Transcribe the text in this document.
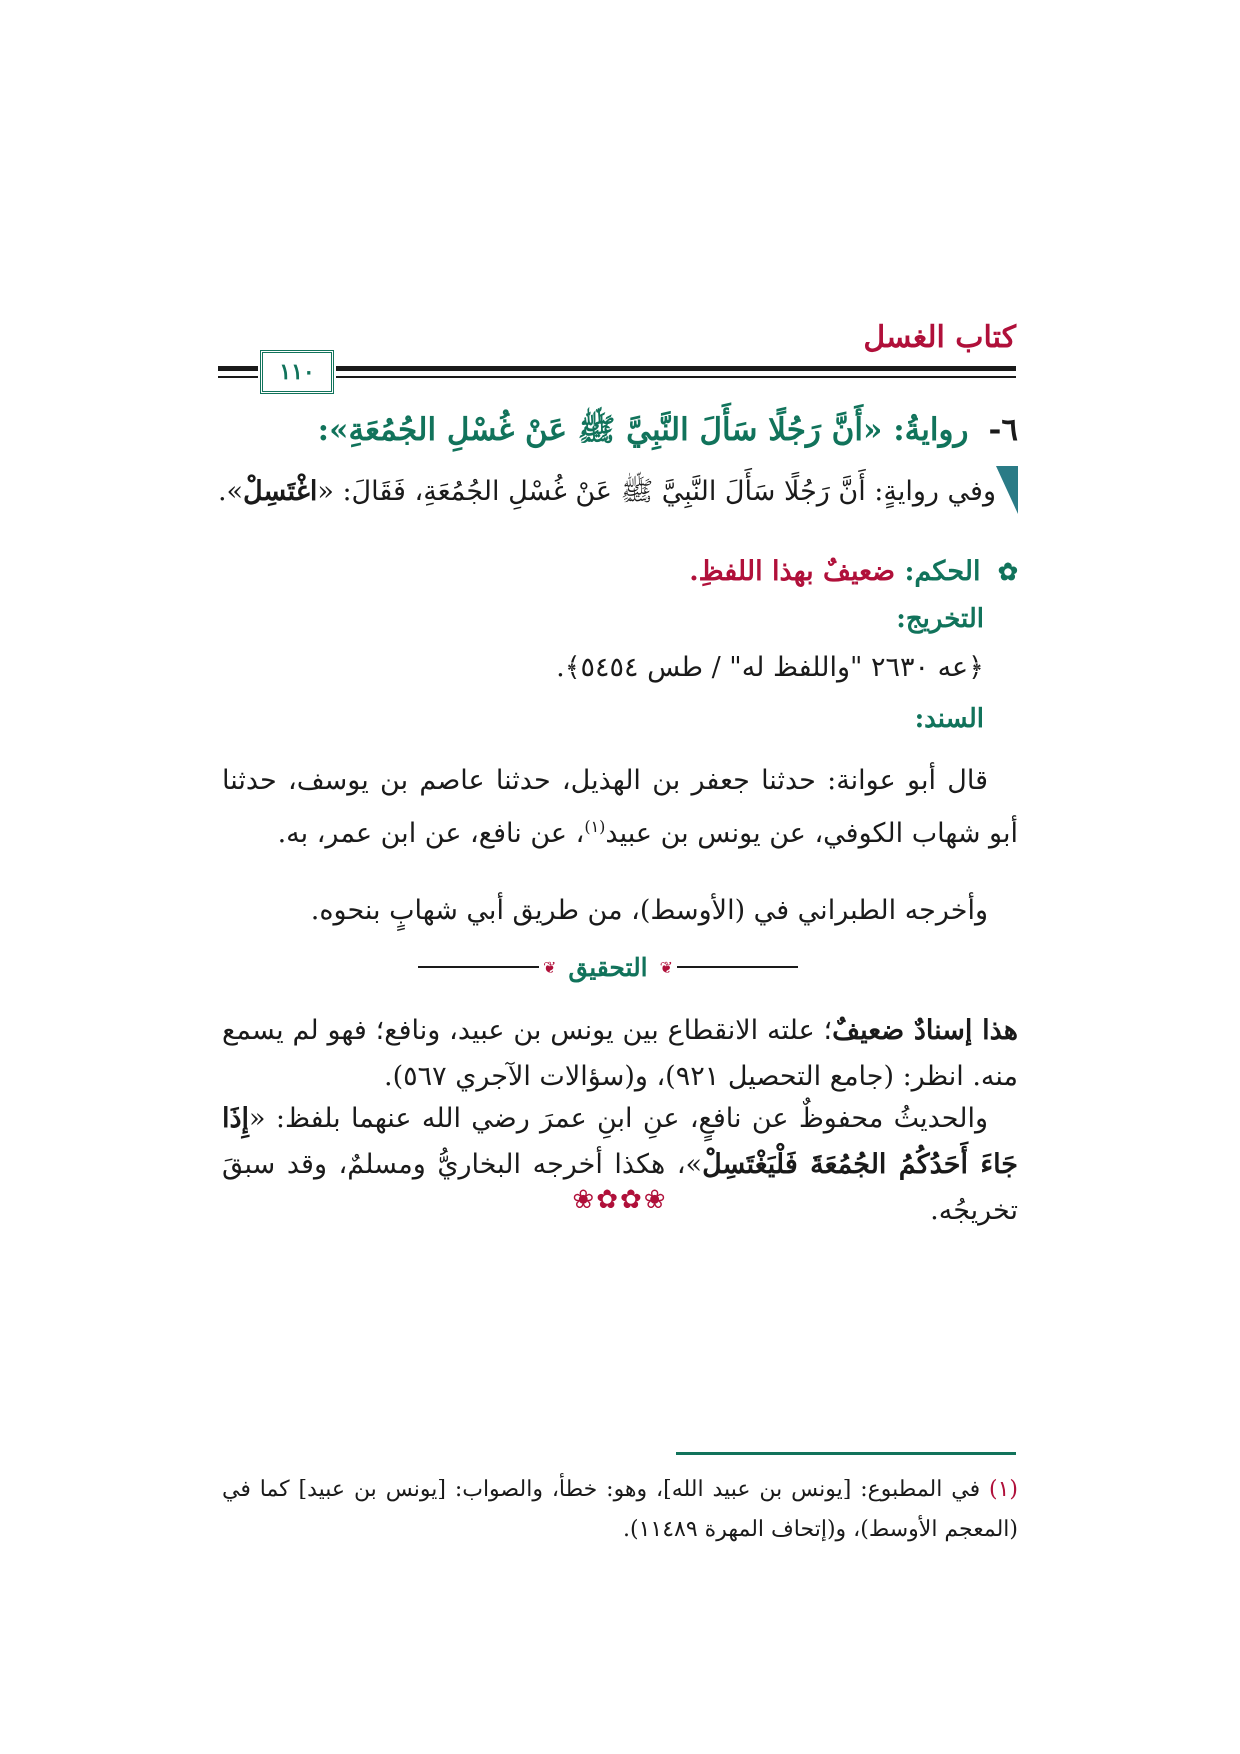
كتاب الغسل
١١٠
٦-روايةُ: «أَنَّ رَجُلًا سَأَلَ النَّبِيَّ ﷺ عَنْ غُسْلِ الجُمُعَةِ»:
وفي روايةٍ: أَنَّ رَجُلًا سَأَلَ النَّبِيَّ ﷺ عَنْ غُسْلِ الجُمُعَةِ، فَقَالَ: «اغْتَسِلْ».
✿ الحكم: ضعيفٌ بهذا اللفظِ.
التخريج:
﴿عه ٢٦٣٠ "واللفظ له" / طس ٥٤٥٤﴾.
السند:
قال أبو عوانة: حدثنا جعفر بن الهذيل، حدثنا عاصم بن يوسف، حدثنا أبو شهاب الكوفي، عن يونس بن عبيد$^{(١)}$، عن نافع، عن ابن عمر، به.
وأخرجه الطبراني في (الأوسط)، من طريق أبي شهابٍ بنحوه.
❦
التحقيق
❦
هذا إسنادٌ ضعيفٌ؛ علته الانقطاع بين يونس بن عبيد، ونافع؛ فهو لم يسمع منه. انظر: (جامع التحصيل ٩٢١)، و(سؤالات الآجري ٥٦٧).
والحديثُ محفوظٌ عن نافعٍ، عنِ ابنِ عمرَ رضي الله عنهما بلفظ: «إِذَا جَاءَ أَحَدُكُمُ الجُمُعَةَ فَلْيَغْتَسِلْ»، هكذا أخرجه البخاريُّ ومسلمٌ، وقد سبقَ تخريجُه.
❀✿✿❀
(١) في المطبوع: [يونس بن عبيد الله]، وهو: خطأ، والصواب: [يونس بن عبيد] كما في (المعجم الأوسط)، و(إتحاف المهرة ١١٤٨٩).
